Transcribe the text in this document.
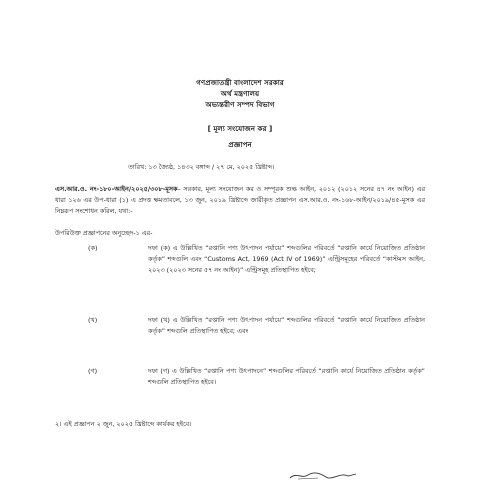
গণপ্রজাতন্ত্রী বাংলাদেশ সরকার
অর্থ মন্ত্রণালয়
অভ্যন্তরীণ সম্পদ বিভাগ
[ মূল্য সংযোজন কর ]
প্রজ্ঞাপন
তারিখ: ১৩ জ্যৈষ্ঠ, ১৪৩২ বঙ্গাব্দ / ২৭ মে, ২০২৫ খ্রিষ্টাব্দ।
এস.আর.ও. নং-১৮০-আইন/২০২৫/৩০৮-মূসক– সরকার, মূল্য সংযোজন কর ও সম্পূরক শুল্ক আইন, ২০১২ (২০১২ সনের ৪৭ নং আইন) এর ধারা ১২৬ এর উপ-ধারা (১) এ প্রদত্ত ক্ষমতাবলে, ১৩ জুন, ২০১৯ খ্রিষ্টাব্দে জারীকৃত প্রজ্ঞাপন এস.আর.ও. নং-১৬৮-আইন/২০১৯/৪৫-মূসক এর নিম্নরূপ সংশোধন করিল, যথা:-
উপরিউক্ত প্রজ্ঞাপনের অনুচ্ছেদ-১ এর-
(ক)	দফা (ক) এ উল্লিখিত “রপ্তানি পণ্য উৎপাদন পর্যায়ে” শব্দগুলির পরিবর্তে “রপ্তানি কার্যে নিয়োজিত প্রতিষ্ঠান কর্তৃক” শব্দগুলি এবং “Customs Act, 1969 (Act IV of 1969)” এন্ট্রিসমূহের পরিবর্তে “কাস্টমস আইন, ২০২৩ (২০২৩ সনের ৫৭ নং আইন)” এন্ট্রিসমূহ প্রতিস্থাপিত হইবে;
(খ)	দফা (খ) এ উল্লিখিত “রপ্তানি পণ্য উৎপাদন পর্যায়ে” শব্দগুলির পরিবর্তে “রপ্তানি কার্যে নিয়োজিত প্রতিষ্ঠান কর্তৃক” শব্দগুলি প্রতিস্থাপিত হইবে; এবং
(গ)	দফা (গ) এ উল্লিখিত “রপ্তানি পণ্য উৎপাদনে” শব্দগুলির পরিবর্তে “রপ্তানি কার্যে নিয়োজিত প্রতিষ্ঠান কর্তৃক” শব্দগুলি প্রতিস্থাপিত হইবে।
২। এই প্রজ্ঞাপন ২ জুন, ২০২৫ খ্রিষ্টাব্দে কার্যকর হইবে।
